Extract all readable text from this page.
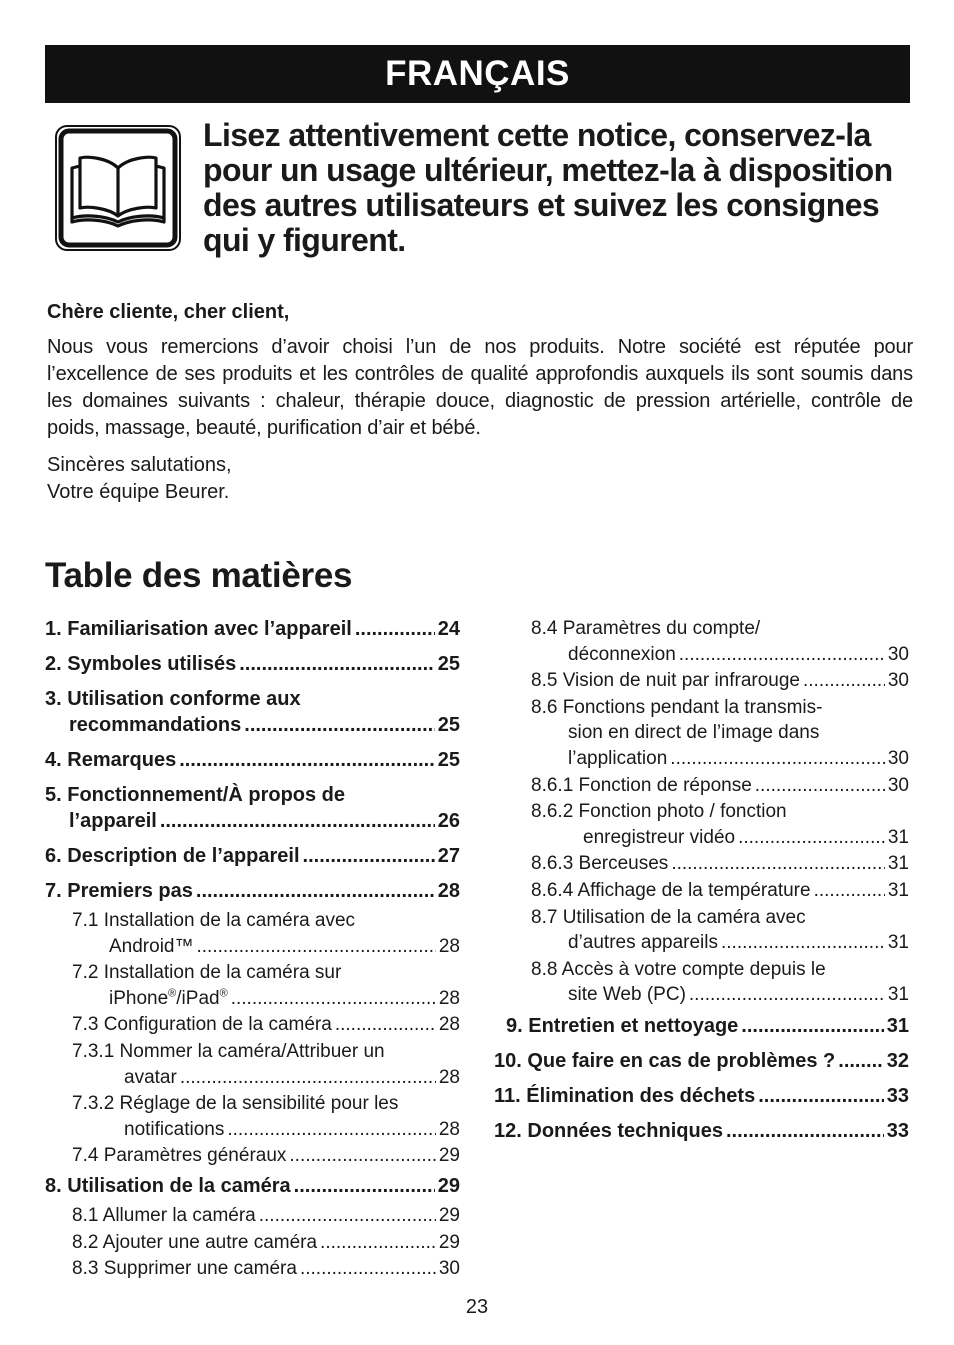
FRANÇAIS
Lisez attentivement cette notice, conservez-la pour un usage ultérieur, mettez-la à disposition des autres utilisateurs et suivez les consignes qui y figurent.
Chère cliente, cher client,
Nous vous remercions d’avoir choisi l’un de nos produits. Notre société est réputée pour l’excellence de ses produits et les contrôles de qualité approfondis auxquels ils sont soumis dans les domaines suivants : chaleur, thérapie douce, diagnostic de pression artérielle, contrôle de poids, massage, beauté, purification d’air et bébé.
Sincères salutations,
Votre équipe Beurer.
Table des matières
1. Familiarisation avec l’appareil .....	24
2. Symboles utilisés .....	25
3. Utilisation conforme aux
recommandations .....	25
4. Remarques .....	25
5. Fonctionnement/À propos de
l’appareil .....	26
6. Description de l’appareil .....	27
7. Premiers pas .....	28
7.1 Installation de la caméra avec
Android™ .....	28
7.2 Installation de la caméra sur
iPhone®/iPad® .....	28
7.3 Configuration de la caméra .....	28
7.3.1 Nommer la caméra/Attribuer un
avatar .....	28
7.3.2 Réglage de la sensibilité pour les
notifications .....	28
7.4 Paramètres généraux .....	29
8. Utilisation de la caméra .....	29
8.1 Allumer la caméra .....	29
8.2 Ajouter une autre caméra .....	29
8.3 Supprimer une caméra .....	30
8.4 Paramètres du compte/
déconnexion .....	30
8.5 Vision de nuit par infrarouge .....	30
8.6 Fonctions pendant la transmis-
sion en direct de l’image dans
l’application .....	30
8.6.1 Fonction de réponse .....	30
8.6.2 Fonction photo / fonction
enregistreur vidéo .....	31
8.6.3 Berceuses .....	31
8.6.4 Affichage de la température .....	31
8.7 Utilisation de la caméra avec
d’autres appareils .....	31
8.8 Accès à votre compte depuis le
site Web (PC) .....	31
9. Entretien et nettoyage .....	31
10. Que faire en cas de problèmes ? .....	32
11. Élimination des déchets .....	33
12. Données techniques .....	33
23
